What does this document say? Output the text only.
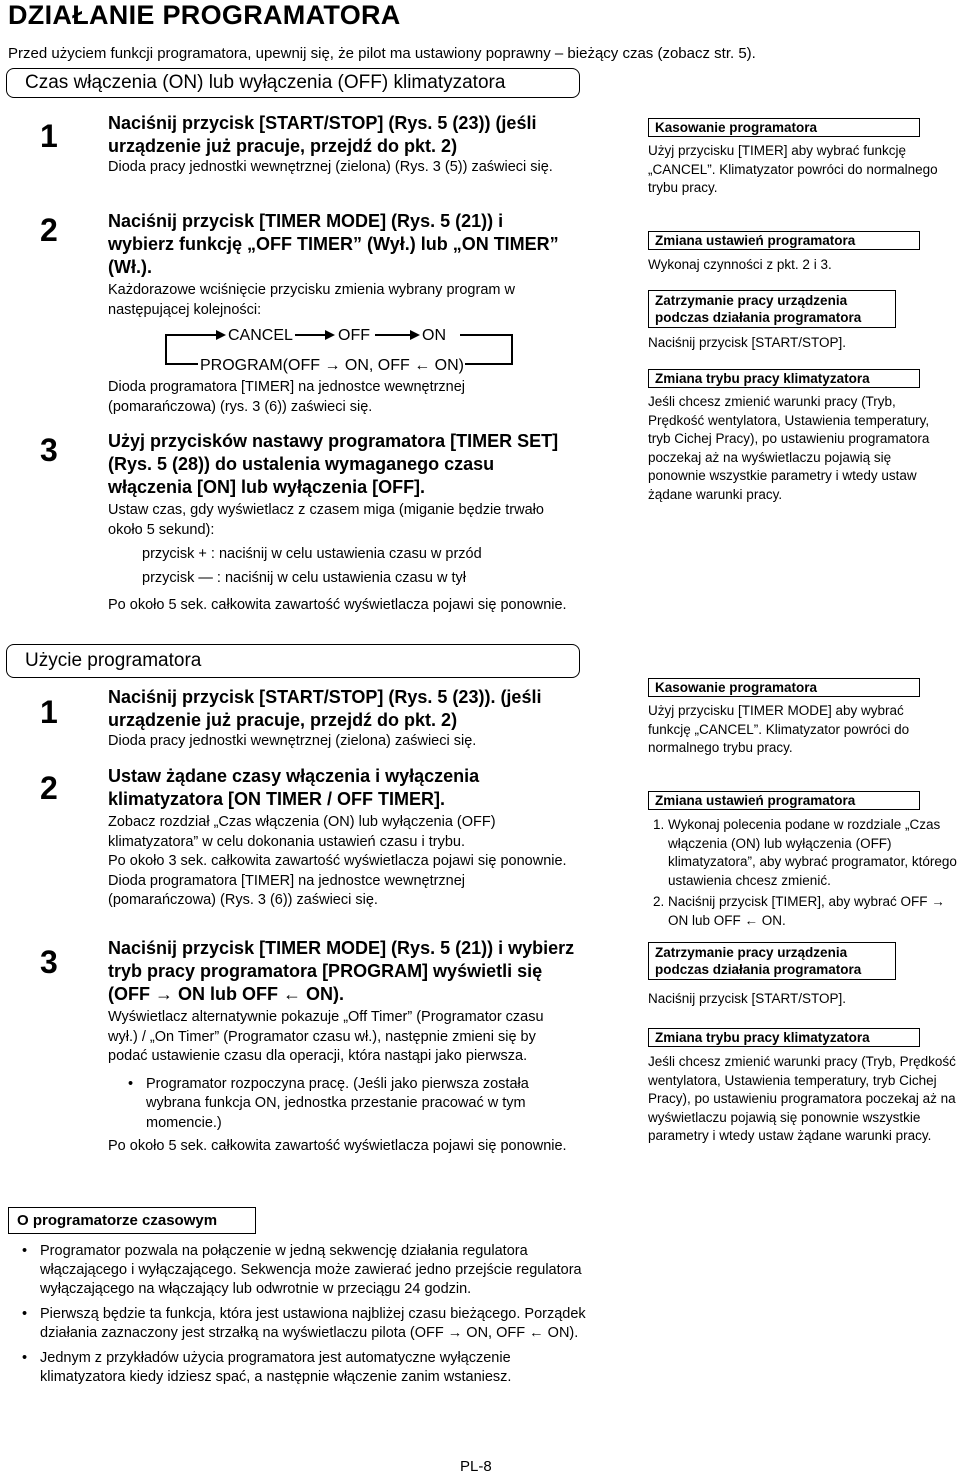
DZIAŁANIE PROGRAMATORA
Przed użyciem funkcji programatora, upewnij się, że pilot ma ustawiony poprawny – bieżący czas (zobacz str. 5).
Czas włączenia (ON) lub wyłączenia (OFF) klimatyzatora
1	Naciśnij przycisk [START/STOP] (Rys. 5 (23)) (jeśli urządzenie już pracuje, przejdź do pkt. 2)
Dioda pracy jednostki wewnętrznej (zielona) (Rys. 3 (5)) zaświeci się.
2	Naciśnij przycisk [TIMER MODE] (Rys. 5 (21)) i wybierz funkcję „OFF TIMER” (Wył.) lub „ON TIMER” (Wł.).
Każdorazowe wciśnięcie przycisku zmienia wybrany program w następującej kolejności:
CANCEL	OFF	ON
PROGRAM(OFF → ON, OFF ← ON)
Dioda programatora [TIMER] na jednostce wewnętrznej (pomarańczowa) (rys. 3 (6)) zaświeci się.
3	Użyj przycisków nastawy programatora [TIMER SET] (Rys. 5 (28)) do ustalenia wymaganego czasu włączenia [ON] lub wyłączenia [OFF].
Ustaw czas, gdy wyświetlacz z czasem miga (miganie będzie trwało około 5 sekund):
przycisk + : naciśnij w celu ustawienia czasu w przód
przycisk — : naciśnij w celu ustawienia czasu w tył
Po około 5 sek. całkowita zawartość wyświetlacza pojawi się ponownie.
Kasowanie programatora
Użyj przycisku [TIMER] aby wybrać funkcję „CANCEL”. Klimatyzator powróci do normalnego trybu pracy.
Zmiana ustawień programatora
Wykonaj czynności z pkt. 2 i 3.
Zatrzymanie pracy urządzenia podczas działania programatora
Naciśnij przycisk [START/STOP].
Zmiana trybu pracy klimatyzatora
Jeśli chcesz zmienić warunki pracy (Tryb, Prędkość wentylatora, Ustawienia temperatury, tryb Cichej Pracy), po ustawieniu programatora poczekaj aż na wyświetlaczu pojawią się ponownie wszystkie parametry i wtedy ustaw żądane warunki pracy.
Użycie programatora
1	Naciśnij przycisk [START/STOP] (Rys. 5 (23)). (jeśli urządzenie już pracuje, przejdź do pkt. 2)
Dioda pracy jednostki wewnętrznej (zielona) zaświeci się.
2	Ustaw żądane czasy włączenia i wyłączenia klimatyzatora [ON TIMER / OFF TIMER].
Zobacz rozdział „Czas włączenia (ON) lub wyłączenia (OFF) klimatyzatora” w celu dokonania ustawień czasu i trybu.
Po około 3 sek. całkowita zawartość wyświetlacza pojawi się ponownie.
Dioda programatora [TIMER] na jednostce wewnętrznej (pomarańczowa) (Rys. 3 (6)) zaświeci się.
3	Naciśnij przycisk [TIMER MODE] (Rys. 5 (21)) i wybierz tryb pracy programatora [PROGRAM] wyświetli się (OFF → ON lub OFF ← ON).
Wyświetlacz alternatywnie pokazuje „Off Timer” (Programator czasu wył.) / „On Timer” (Programator czasu wł.), następnie zmieni się by podać ustawienie czasu dla operacji, która nastąpi jako pierwsza.
• Programator rozpoczyna pracę. (Jeśli jako pierwsza została wybrana funkcja ON, jednostka przestanie pracować w tym momencie.)
Po około 5 sek. całkowita zawartość wyświetlacza pojawi się ponownie.
Kasowanie programatora
Użyj przycisku [TIMER MODE] aby wybrać funkcję „CANCEL”. Klimatyzator powróci do normalnego trybu pracy.
Zmiana ustawień programatora
1. Wykonaj polecenia podane w rozdziale „Czas włączenia (ON) lub wyłączenia (OFF) klimatyzatora”, aby wybrać programator, którego ustawienia chcesz zmienić.
2. Naciśnij przycisk [TIMER], aby wybrać OFF → ON lub OFF ← ON.
Zatrzymanie pracy urządzenia podczas działania programatora
Naciśnij przycisk [START/STOP].
Zmiana trybu pracy klimatyzatora
Jeśli chcesz zmienić warunki pracy (Tryb, Prędkość wentylatora, Ustawienia temperatury, tryb Cichej Pracy), po ustawieniu programatora poczekaj aż na wyświetlaczu pojawią się ponownie wszystkie parametry i wtedy ustaw żądane warunki pracy.
O programatorze czasowym
• Programator pozwala na połączenie w jedną sekwencję działania regulatora włączającego i wyłączającego. Sekwencja może zawierać jedno przejście regulatora wyłączającego na włączający lub odwrotnie w przeciągu 24 godzin.
• Pierwszą będzie ta funkcja, która jest ustawiona najbliżej czasu bieżącego. Porządek działania zaznaczony jest strzałką na wyświetlaczu pilota (OFF → ON, OFF ← ON).
• Jednym z przykładów użycia programatora jest automatyczne wyłączenie klimatyzatora kiedy idziesz spać, a następnie włączenie zanim wstaniesz.
PL-8
